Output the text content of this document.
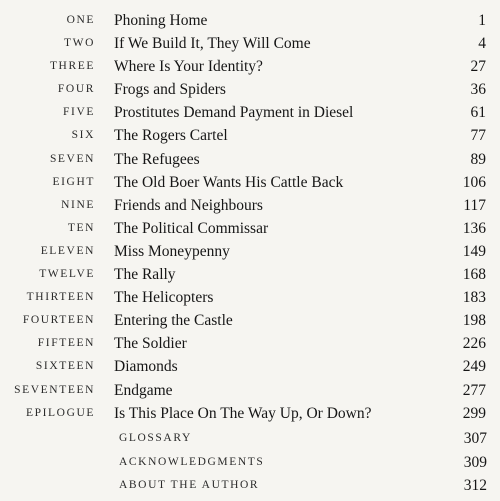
ONE Phoning Home	1
TWO If We Build It, They Will Come	4
THREE Where Is Your Identity?	27
FOUR Frogs and Spiders	36
FIVE Prostitutes Demand Payment in Diesel	61
SIX The Rogers Cartel	77
SEVEN The Refugees	89
EIGHT The Old Boer Wants His Cattle Back	106
NINE Friends and Neighbours	117
TEN The Political Commissar	136
ELEVEN Miss Moneypenny	149
TWELVE The Rally	168
THIRTEEN The Helicopters	183
FOURTEEN Entering the Castle	198
FIFTEEN The Soldier	226
SIXTEEN Diamonds	249
SEVENTEEN Endgame	277
EPILOGUE Is This Place On The Way Up, Or Down?	299
GLOSSARY	307
ACKNOWLEDGMENTS	309
ABOUT THE AUTHOR	312
